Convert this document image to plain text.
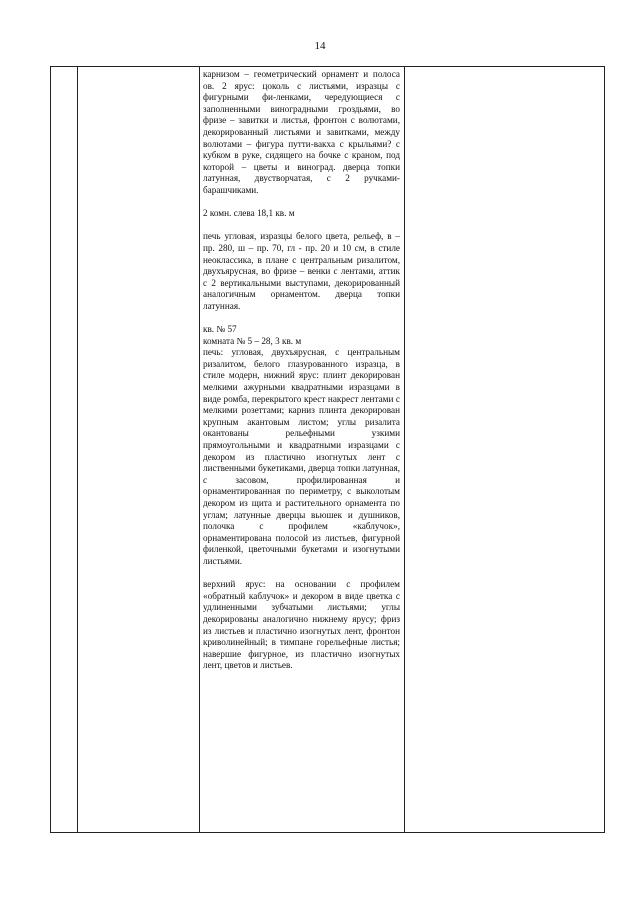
14

карнизом – геометрический орнамент и полоса ов. 2 ярус: цоколь с листьями, изразцы с фигурными фи-ленками, чередующиеся с заполненными виноградными гроздьями, во фризе – завитки и листья, фронтон с волютами, декорированный листьями и завитками, между волютами – фигура путти-вакха с крыльями? с кубком в руке, сидящего на бочке с краном, под которой – цветы и виноград. дверца топки латунная, двустворчатая, с 2 ручками-барашчиками.

2 комн. слева 18,1 кв. м

печь угловая, изразцы белого цвета, рельеф, в – пр. 280, ш – пр. 70, гл - пр. 20 и 10 см, в стиле неоклассика, в плане с центральным ризалитом, двухъярусная, во фризе – венки с лентами, аттик с 2 вертикальными выступами, декорированный аналогичным орнаментом. дверца топки латунная.

кв. № 57

комната № 5 – 28, 3 кв. м

печь: угловая, двухъярусная, с центральным ризалитом, белого глазурованного изразца, в стиле модерн, нижний ярус: плинт декорирован мелкими ажурными квадратными изразцами в виде ромба, перекрытого крест накрест лентами с мелкими розеттами; карниз плинта декорирован крупным акантовым листом; углы ризалита окантованы рельефными узкими прямоугольными и квадратными изразцами с декором из пластично изогнутых лент с лиственными букетиками, дверца топки латунная, с засовом, профилированная и орнаментированная по периметру, с выколотым декором из щита и растительного орнамента по углам; латунные дверцы вьюшек и душников, полочка с профилем «каблучок», орнаментирована полосой из листьев, фигурной филенкой, цветочными букетами и изогнутыми листьями.

верхний ярус: на основании с профилем «обратный каблучок» и декором в виде цветка с удлиненными зубчатыми листьями; углы декорированы аналогично нижнему ярусу; фриз из листьев и пластично изогнутых лент, фронтон криволинейный; в тимпане горельефные листья; навершие фигурное, из пластично изогнутых лент, цветов и листьев.
